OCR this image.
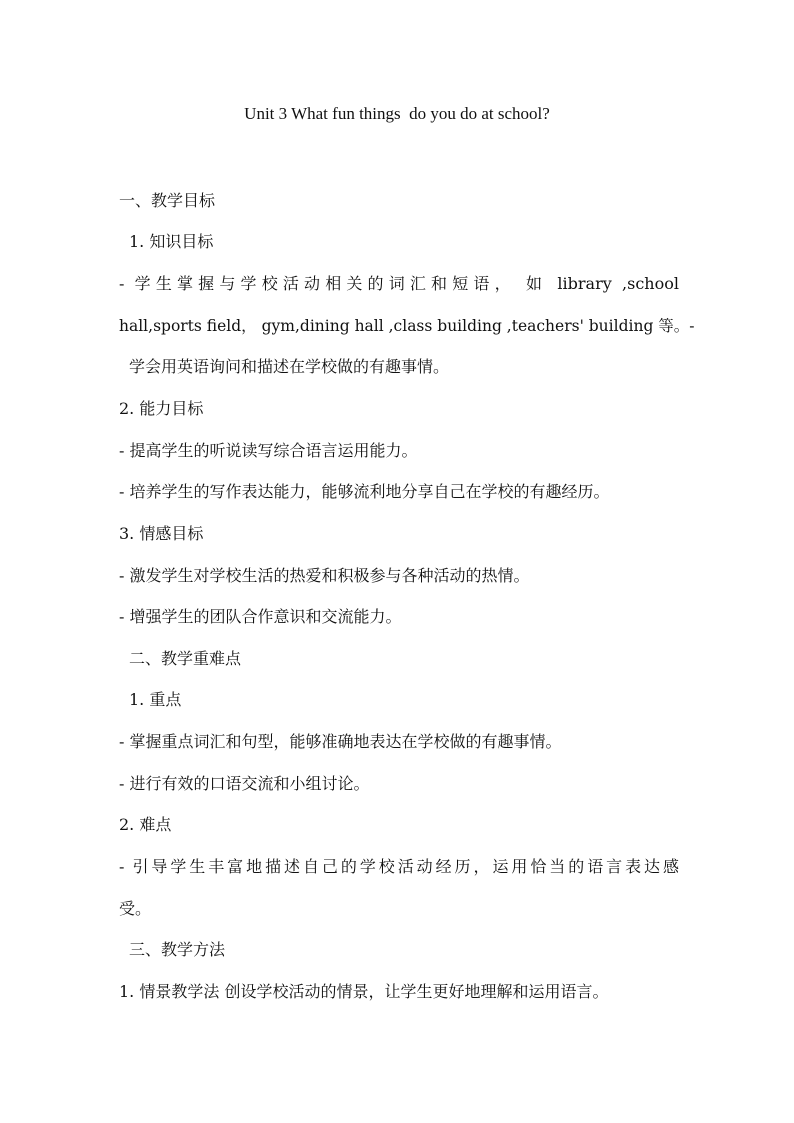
Unit 3 What fun things  do you do at school?
一、教学目标
1. 知识目标
- 学生掌握与学校活动相关的词汇和短语， 如 library ,school
hall,sports field， gym,dining hall ,class building ,teachers' building 等。-
学会用英语询问和描述在学校做的有趣事情。
2. 能力目标
- 提高学生的听说读写综合语言运用能力。
- 培养学生的写作表达能力，能够流利地分享自己在学校的有趣经历。
3. 情感目标
- 激发学生对学校生活的热爱和积极参与各种活动的热情。
- 增强学生的团队合作意识和交流能力。
二、教学重难点
1. 重点
- 掌握重点词汇和句型，能够准确地表达在学校做的有趣事情。
- 进行有效的口语交流和小组讨论。
2. 难点
- 引导学生丰富地描述自己的学校活动经历，运用恰当的语言表达感
受。
三、教学方法
1. 情景教学法 创设学校活动的情景，让学生更好地理解和运用语言。
